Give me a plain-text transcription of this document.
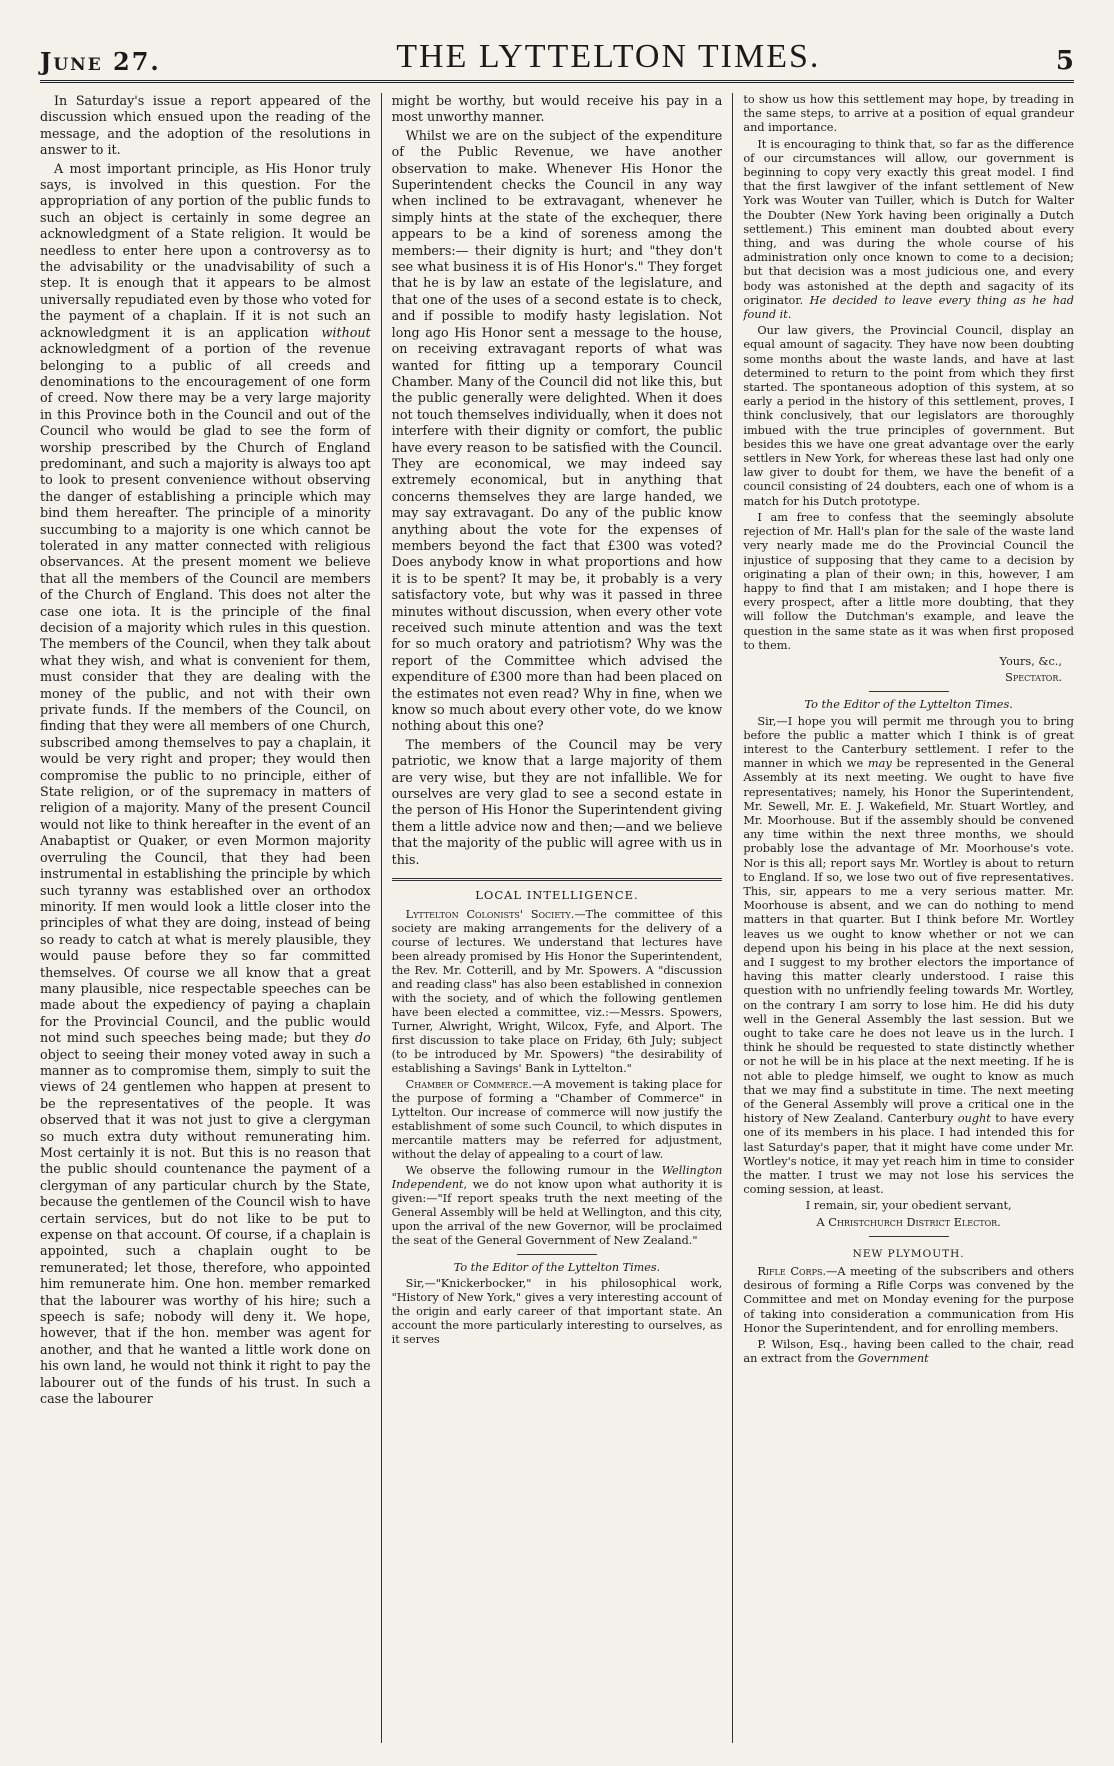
June 27.	THE LYTTELTON TIMES.	5

In Saturday's issue a report appeared of the discussion which ensued upon the reading of the message, and the adoption of the resolutions in answer to it.

A most important principle, as His Honor truly says, is involved in this question. For the appropriation of any portion of the public funds to such an object is certainly in some degree an acknowledgment of a State religion. It would be needless to enter here upon a controversy as to the advisability or the unadvisability of such a step. It is enough that it appears to be almost universally repudiated even by those who voted for the payment of a chaplain. If it is not such an acknowledgment it is an application without acknowledgment of a portion of the revenue belonging to a public of all creeds and denominations to the encouragement of one form of creed. Now there may be a very large majority in this Province both in the Council and out of the Council who would be glad to see the form of worship prescribed by the Church of England predominant, and such a majority is always too apt to look to present convenience without observing the danger of establishing a principle which may bind them hereafter. The principle of a minority succumbing to a majority is one which cannot be tolerated in any matter connected with religious observances. At the present moment we believe that all the members of the Council are members of the Church of England. This does not alter the case one iota. It is the principle of the final decision of a majority which rules in this question. The members of the Council, when they talk about what they wish, and what is convenient for them, must consider that they are dealing with the money of the public, and not with their own private funds. If the members of the Council, on finding that they were all members of one Church, subscribed among themselves to pay a chaplain, it would be very right and proper; they would then compromise the public to no principle, either of State religion, or of the supremacy in matters of religion of a majority. Many of the present Council would not like to think hereafter in the event of an Anabaptist or Quaker, or even Mormon majority overruling the Council, that they had been instrumental in establishing the principle by which such tyranny was established over an orthodox minority. If men would look a little closer into the principles of what they are doing, instead of being so ready to catch at what is merely plausible, they would pause before they so far committed themselves. Of course we all know that a great many plausible, nice respectable speeches can be made about the expediency of paying a chaplain for the Provincial Council, and the public would not mind such speeches being made; but they do object to seeing their money voted away in such a manner as to compromise them, simply to suit the views of 24 gentlemen who happen at present to be the representatives of the people. It was observed that it was not just to give a clergyman so much extra duty without remunerating him. Most certainly it is not. But this is no reason that the public should countenance the payment of a clergyman of any particular church by the State, because the gentlemen of the Council wish to have certain services, but do not like to be put to expense on that account. Of course, if a chaplain is appointed, such a chaplain ought to be remunerated; let those, therefore, who appointed him remunerate him. One hon. member remarked that the labourer was worthy of his hire; such a speech is safe; nobody will deny it. We hope, however, that if the hon. member was agent for another, and that he wanted a little work done on his own land, he would not think it right to pay the labourer out of the funds of his trust. In such a case the labourer

might be worthy, but would receive his pay in a most unworthy manner.

Whilst we are on the subject of the expenditure of the Public Revenue, we have another observation to make. Whenever His Honor the Superintendent checks the Council in any way when inclined to be extravagant, whenever he simply hints at the state of the exchequer, there appears to be a kind of soreness among the members:— their dignity is hurt; and "they don't see what business it is of His Honor's." They forget that he is by law an estate of the legislature, and that one of the uses of a second estate is to check, and if possible to modify hasty legislation. Not long ago His Honor sent a message to the house, on receiving extravagant reports of what was wanted for fitting up a temporary Council Chamber. Many of the Council did not like this, but the public generally were delighted. When it does not touch themselves individually, when it does not interfere with their dignity or comfort, the public have every reason to be satisfied with the Council. They are economical, we may indeed say extremely economical, but in anything that concerns themselves they are large handed, we may say extravagant. Do any of the public know anything about the vote for the expenses of members beyond the fact that £300 was voted? Does anybody know in what proportions and how it is to be spent? It may be, it probably is a very satisfactory vote, but why was it passed in three minutes without discussion, when every other vote received such minute attention and was the text for so much oratory and patriotism? Why was the report of the Committee which advised the expenditure of £300 more than had been placed on the estimates not even read? Why in fine, when we know so much about every other vote, do we know nothing about this one?

The members of the Council may be very patriotic, we know that a large majority of them are very wise, but they are not infallible. We for ourselves are very glad to see a second estate in the person of His Honor the Superintendent giving them a little advice now and then;—and we believe that the majority of the public will agree with us in this.

LOCAL INTELLIGENCE.

Lyttelton Colonists' Society.—The committee of this society are making arrangements for the delivery of a course of lectures. We understand that lectures have been already promised by His Honor the Superintendent, the Rev. Mr. Cotterill, and by Mr. Spowers. A "discussion and reading class" has also been established in connexion with the society, and of which the following gentlemen have been elected a committee, viz.:—Messrs. Spowers, Turner, Alwright, Wright, Wilcox, Fyfe, and Alport. The first discussion to take place on Friday, 6th July; subject (to be introduced by Mr. Spowers) "the desirability of establishing a Savings' Bank in Lyttelton."

Chamber of Commerce.—A movement is taking place for the purpose of forming a "Chamber of Commerce" in Lyttelton. Our increase of commerce will now justify the establishment of some such Council, to which disputes in mercantile matters may be referred for adjustment, without the delay of appealing to a court of law.

We observe the following rumour in the Wellington Independent, we do not know upon what authority it is given:—"If report speaks truth the next meeting of the General Assembly will be held at Wellington, and this city, upon the arrival of the new Governor, will be proclaimed the seat of the General Government of New Zealand."

To the Editor of the Lyttelton Times.

Sir,—"Knickerbocker," in his philosophical work, "History of New York," gives a very interesting account of the origin and early career of that important state. An account the more particularly interesting to ourselves, as it serves

to show us how this settlement may hope, by treading in the same steps, to arrive at a position of equal grandeur and importance.

It is encouraging to think that, so far as the difference of our circumstances will allow, our government is beginning to copy very exactly this great model. I find that the first lawgiver of the infant settlement of New York was Wouter van Tuiller, which is Dutch for Walter the Doubter (New York having been originally a Dutch settlement.) This eminent man doubted about every thing, and was during the whole course of his administration only once known to come to a decision; but that decision was a most judicious one, and every body was astonished at the depth and sagacity of its originator. He decided to leave every thing as he had found it.

Our law givers, the Provincial Council, display an equal amount of sagacity. They have now been doubting some months about the waste lands, and have at last determined to return to the point from which they first started. The spontaneous adoption of this system, at so early a period in the history of this settlement, proves, I think conclusively, that our legislators are thoroughly imbued with the true principles of government. But besides this we have one great advantage over the early settlers in New York, for whereas these last had only one law giver to doubt for them, we have the benefit of a council consisting of 24 doubters, each one of whom is a match for his Dutch prototype.

I am free to confess that the seemingly absolute rejection of Mr. Hall's plan for the sale of the waste land very nearly made me do the Provincial Council the injustice of supposing that they came to a decision by originating a plan of their own; in this, however, I am happy to find that I am mistaken; and I hope there is every prospect, after a little more doubting, that they will follow the Dutchman's example, and leave the question in the same state as it was when first proposed to them.

Yours, &c.,

Spectator.

To the Editor of the Lyttelton Times.

Sir,—I hope you will permit me through you to bring before the public a matter which I think is of great interest to the Canterbury settlement. I refer to the manner in which we may be represented in the General Assembly at its next meeting. We ought to have five representatives; namely, his Honor the Superintendent, Mr. Sewell, Mr. E. J. Wakefield, Mr. Stuart Wortley, and Mr. Moorhouse. But if the assembly should be convened any time within the next three months, we should probably lose the advantage of Mr. Moorhouse's vote. Nor is this all; report says Mr. Wortley is about to return to England. If so, we lose two out of five representatives. This, sir, appears to me a very serious matter. Mr. Moorhouse is absent, and we can do nothing to mend matters in that quarter. But I think before Mr. Wortley leaves us we ought to know whether or not we can depend upon his being in his place at the next session, and I suggest to my brother electors the importance of having this matter clearly understood. I raise this question with no unfriendly feeling towards Mr. Wortley, on the contrary I am sorry to lose him. He did his duty well in the General Assembly the last session. But we ought to take care he does not leave us in the lurch. I think he should be requested to state distinctly whether or not he will be in his place at the next meeting. If he is not able to pledge himself, we ought to know as much that we may find a substitute in time. The next meeting of the General Assembly will prove a critical one in the history of New Zealand. Canterbury ought to have every one of its members in his place. I had intended this for last Saturday's paper, that it might have come under Mr. Wortley's notice, it may yet reach him in time to consider the matter. I trust we may not lose his services the coming session, at least.

I remain, sir, your obedient servant,

A Christchurch District Elector.

NEW PLYMOUTH.

Rifle Corps.—A meeting of the subscribers and others desirous of forming a Rifle Corps was convened by the Committee and met on Monday evening for the purpose of taking into consideration a communication from His Honor the Superintendent, and for enrolling members.

P. Wilson, Esq., having been called to the chair, read an extract from the Government
